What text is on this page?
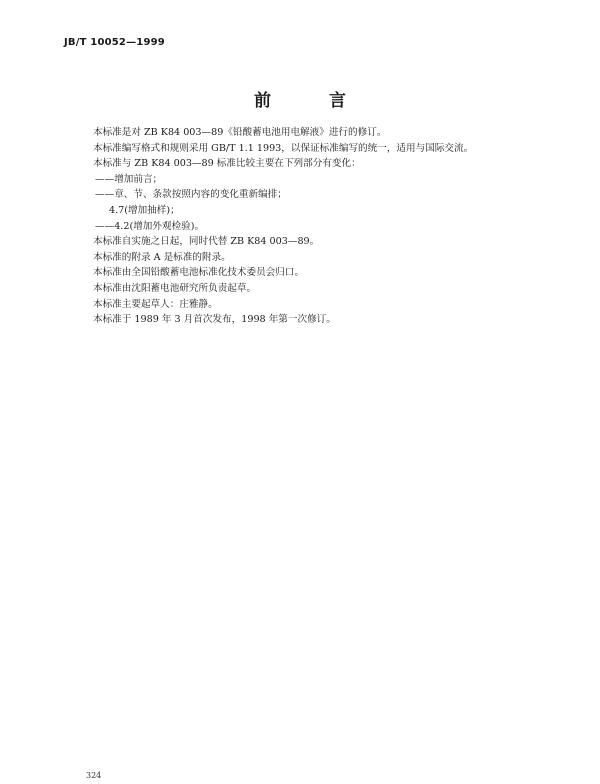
JB/T 10052—1999
前 言
本标准是对 ZB K84 003—89《铅酸蓄电池用电解液》进行的修订。
本标准编写格式和规则采用 GB/T 1.1 1993，以保证标准编写的统一，适用与国际交流。
本标准与 ZB K84 003—89 标准比较主要在下列部分有变化：
——增加前言；
——章、节、条款按照内容的变化重新编排；
4.7(增加抽样)；
——4.2(增加外观检验)。
本标准自实施之日起，同时代替 ZB K84 003—89。
本标准的附录 A 是标准的附录。
本标准由全国铅酸蓄电池标准化技术委员会归口。
本标准由沈阳蓄电池研究所负责起草。
本标准主要起草人：庄雅静。
本标准于 1989 年 3 月首次发布，1998 年第一次修订。
324
